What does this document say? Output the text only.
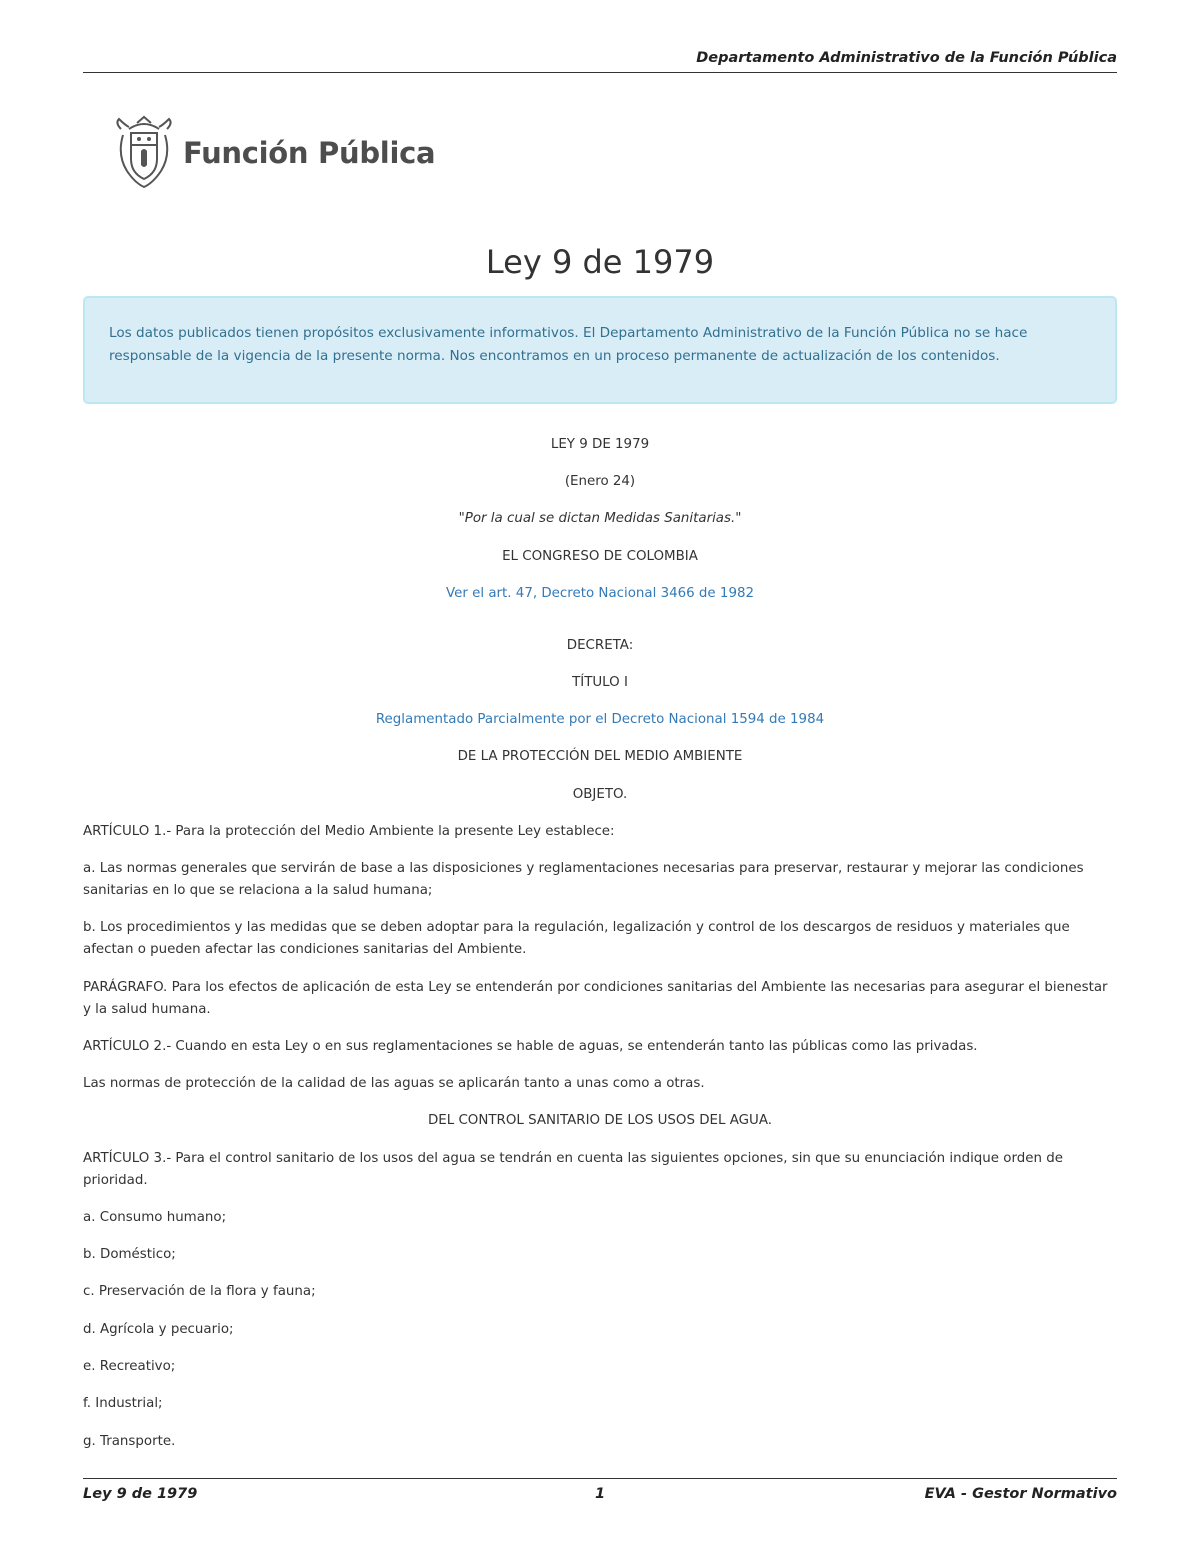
Departamento Administrativo de la Función Pública
Función Pública
Ley 9 de 1979
Los datos publicados tienen propósitos exclusivamente informativos. El Departamento Administrativo de la Función Pública no se hace responsable de la vigencia de la presente norma. Nos encontramos en un proceso permanente de actualización de los contenidos.

LEY 9 DE 1979

(Enero 24)

"Por la cual se dictan Medidas Sanitarias."

EL CONGRESO DE COLOMBIA

Ver el art. 47, Decreto Nacional 3466 de 1982

DECRETA:

TÍTULO I

Reglamentado Parcialmente por el Decreto Nacional 1594 de 1984

DE LA PROTECCIÓN DEL MEDIO AMBIENTE

OBJETO.

ARTÍCULO 1.- Para la protección del Medio Ambiente la presente Ley establece:

a. Las normas generales que servirán de base a las disposiciones y reglamentaciones necesarias para preservar, restaurar y mejorar las condiciones sanitarias en lo que se relaciona a la salud humana;

b. Los procedimientos y las medidas que se deben adoptar para la regulación, legalización y control de los descargos de residuos y materiales que afectan o pueden afectar las condiciones sanitarias del Ambiente.

PARÁGRAFO. Para los efectos de aplicación de esta Ley se entenderán por condiciones sanitarias del Ambiente las necesarias para asegurar el bienestar y la salud humana.

ARTÍCULO 2.- Cuando en esta Ley o en sus reglamentaciones se hable de aguas, se entenderán tanto las públicas como las privadas.

Las normas de protección de la calidad de las aguas se aplicarán tanto a unas como a otras.

DEL CONTROL SANITARIO DE LOS USOS DEL AGUA.

ARTÍCULO 3.- Para el control sanitario de los usos del agua se tendrán en cuenta las siguientes opciones, sin que su enunciación indique orden de prioridad.

a. Consumo humano;

b. Doméstico;

c. Preservación de la flora y fauna;

d. Agrícola y pecuario;

e. Recreativo;

f. Industrial;

g. Transporte.

Ley 9 de 1979	1	EVA - Gestor Normativo
